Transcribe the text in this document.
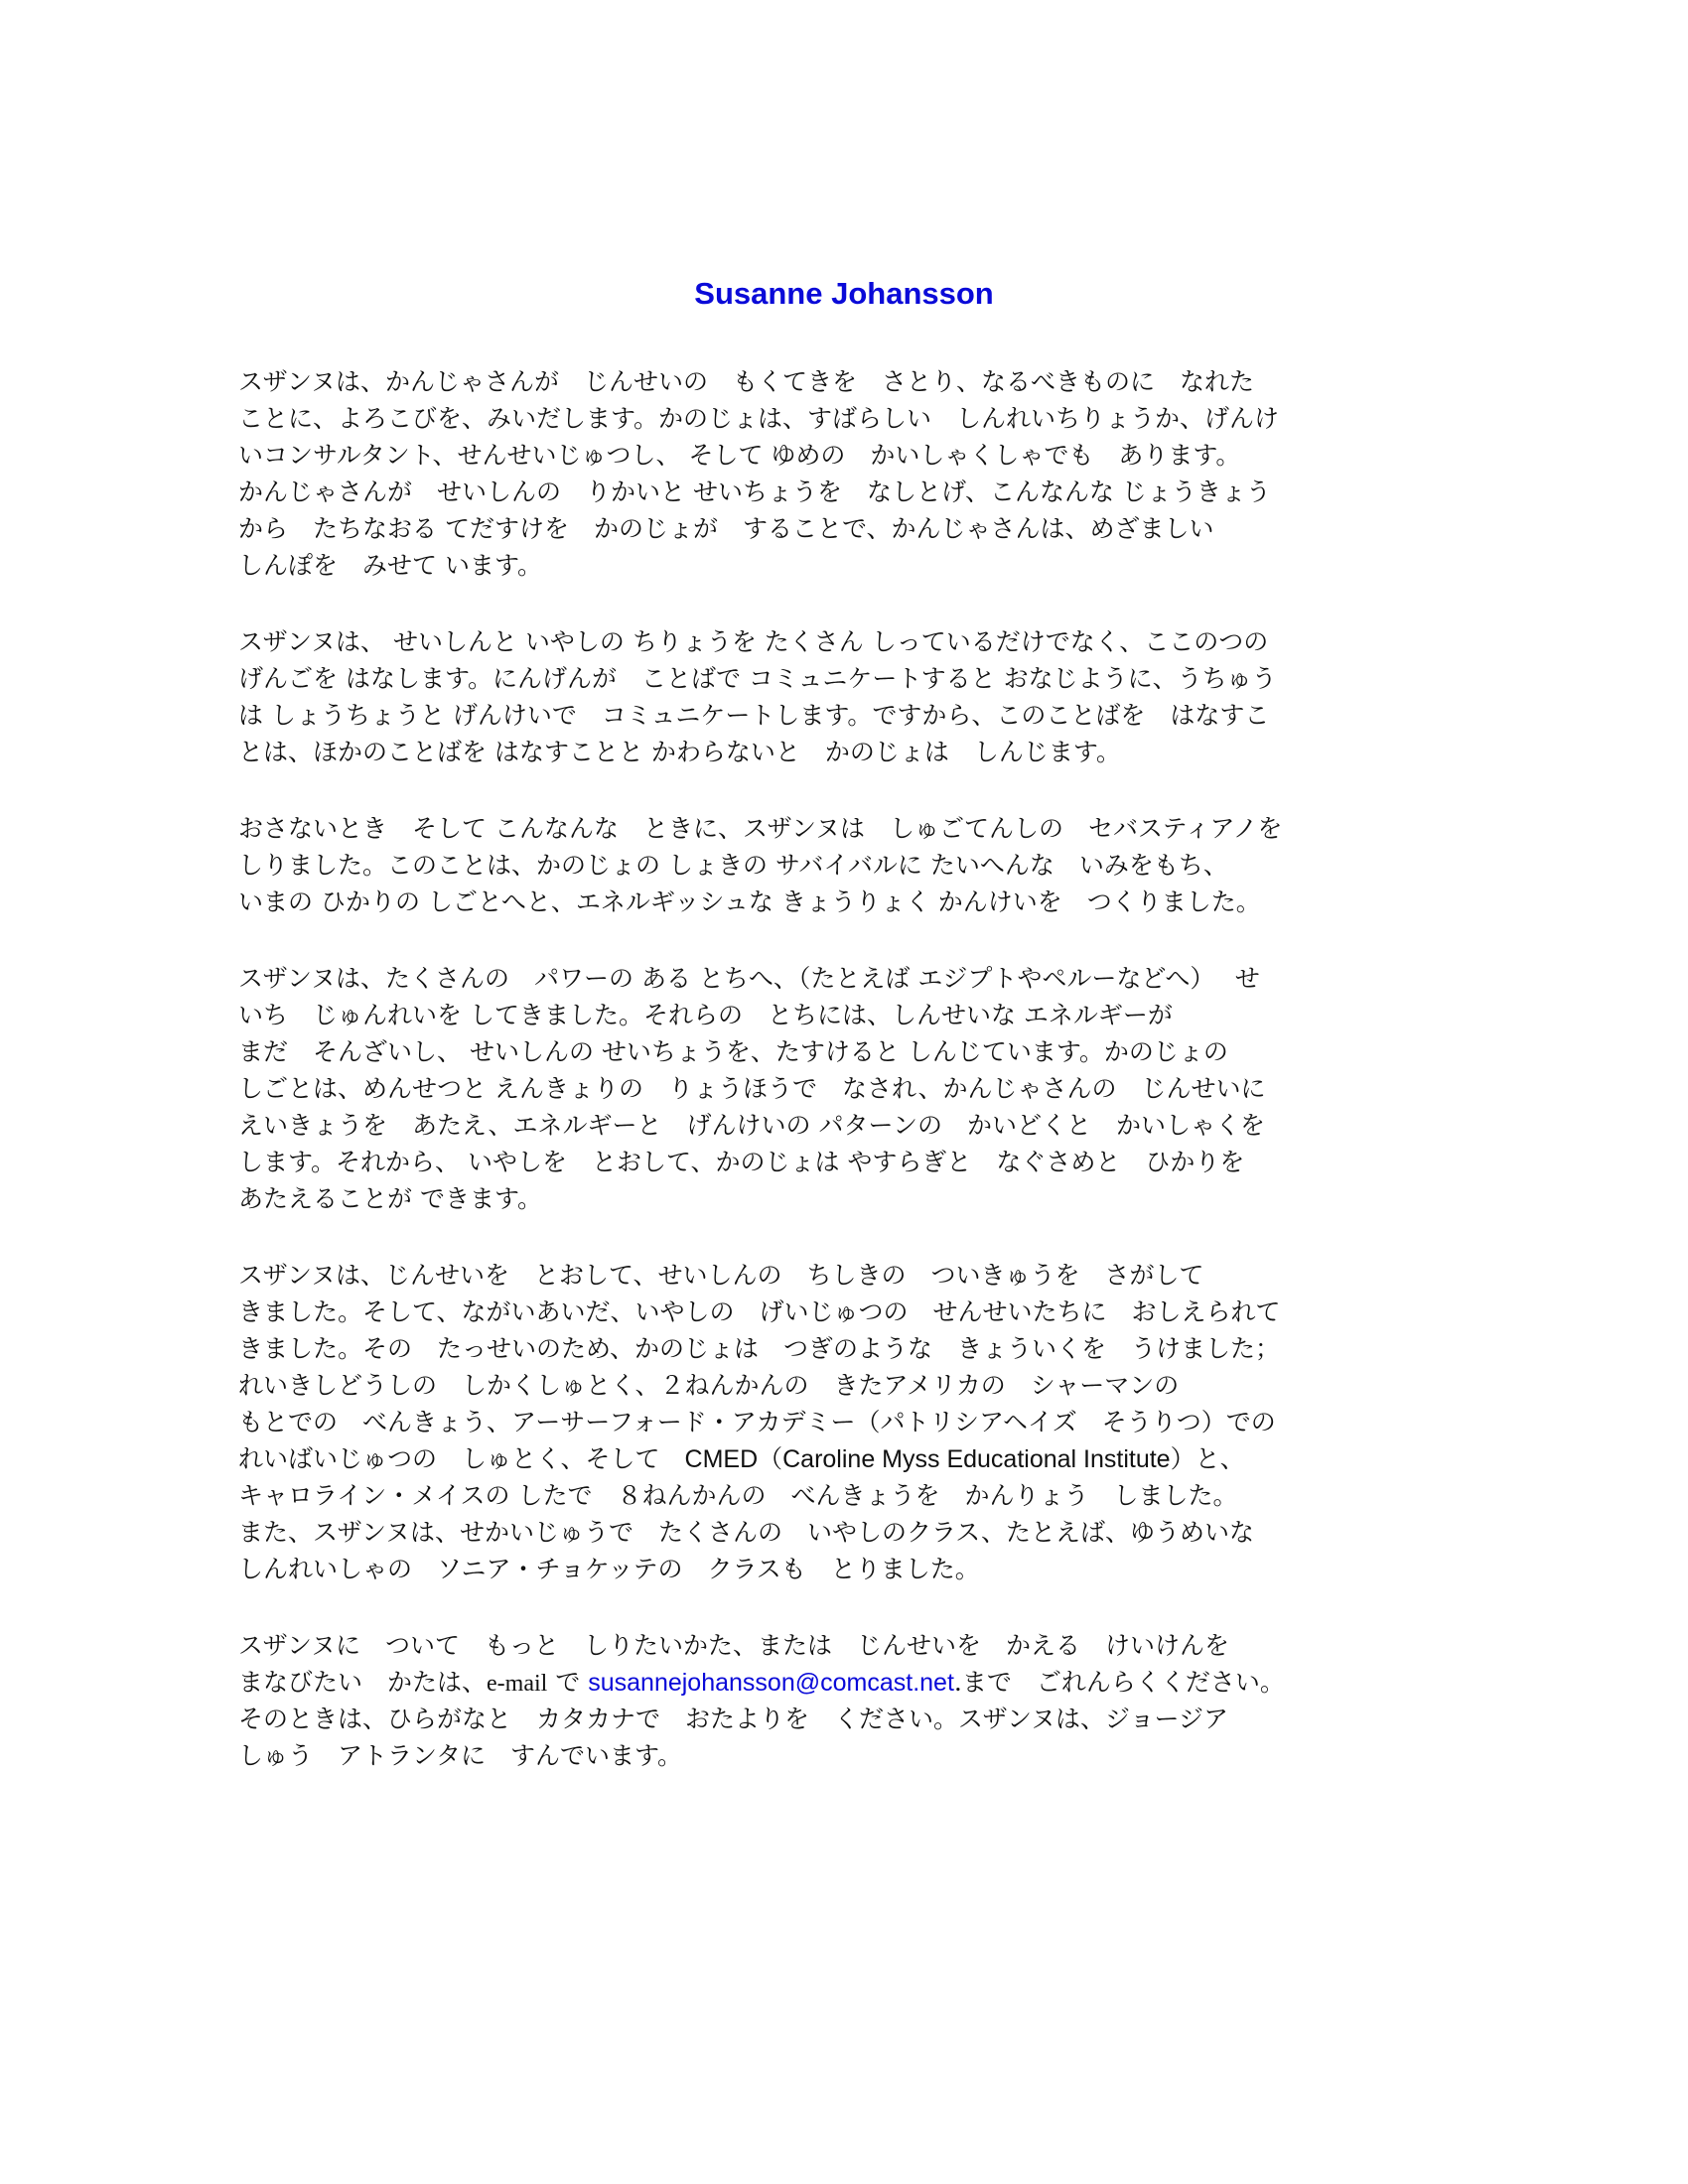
Susanne Johansson
スザンヌは、かんじゃさんが　じんせいの　もくてきを　さとり、なるべきものに　なれた
ことに、よろこびを、みいだします。かのじょは、すばらしい　しんれいちりょうか、げんけ
いコンサルタント、せんせいじゅつし、 そして ゆめの　かいしゃくしゃでも　あります。
かんじゃさんが　せいしんの　りかいと せいちょうを　なしとげ、こんなんな じょうきょう
から　たちなおる てだすけを　かのじょが　することで、かんじゃさんは、めざましい
しんぽを　みせて います。
スザンヌは、 せいしんと いやしの ちりょうを たくさん しっているだけでなく、ここのつの
げんごを はなします。にんげんが　ことばで コミュニケートすると おなじように、うちゅう
は しょうちょうと げんけいで　コミュニケートします。ですから、このことばを　はなすこ
とは、ほかのことばを はなすことと かわらないと　かのじょは　しんじます。
おさないとき　そして こんなんな　ときに、スザンヌは　しゅごてんしの　セバスティアノを
しりました。このことは、かのじょの しょきの サバイバルに たいへんな　いみをもち、
いまの ひかりの しごとへと、エネルギッシュな きょうりょく かんけいを　つくりました。
スザンヌは、たくさんの　パワーの ある とちへ、（たとえば エジプトやペルーなどへ）　 せ
いち　じゅんれいを してきました。それらの　とちには、しんせいな エネルギーが
まだ　そんざいし、 せいしんの せいちょうを、たすけると しんじています。かのじょの
しごとは、めんせつと えんきょりの　りょうほうで　なされ、かんじゃさんの　じんせいに
えいきょうを　あたえ、エネルギーと　げんけいの パターンの　かいどくと　かいしゃくを
します。それから、 いやしを　とおして、かのじょは やすらぎと　なぐさめと　ひかりを
あたえることが できます。
スザンヌは、じんせいを　とおして、せいしんの　ちしきの　ついきゅうを　さがして
きました。そして、ながいあいだ、いやしの　げいじゅつの　せんせいたちに　おしえられて
きました。その　たっせいのため、かのじょは　つぎのような　きょういくを　うけました；
れいきしどうしの　しかくしゅとく、２ねんかんの　きたアメリカの　シャーマンの
もとでの　べんきょう、アーサーフォード・アカデミー（パトリシアヘイズ　そうりつ）での
れいばいじゅつの　しゅとく、そして　CMED（Caroline Myss Educational Institute）と、
キャロライン・メイスの したで　８ねんかんの　べんきょうを　かんりょう　しました。
また、スザンヌは、せかいじゅうで　たくさんの　いやしのクラス、たとえば、ゆうめいな
しんれいしゃの　ソニア・チョケッテの　クラスも　とりました。
スザンヌに　ついて　もっと　しりたいかた、または　じんせいを　かえる　けいけんを
まなびたい　かたは、e-mail で susannejohansson@comcast.net.まで　ごれんらくください。
そのときは、ひらがなと　カタカナで　おたよりを　ください。スザンヌは、ジョージア
しゅう　アトランタに　すんでいます。
